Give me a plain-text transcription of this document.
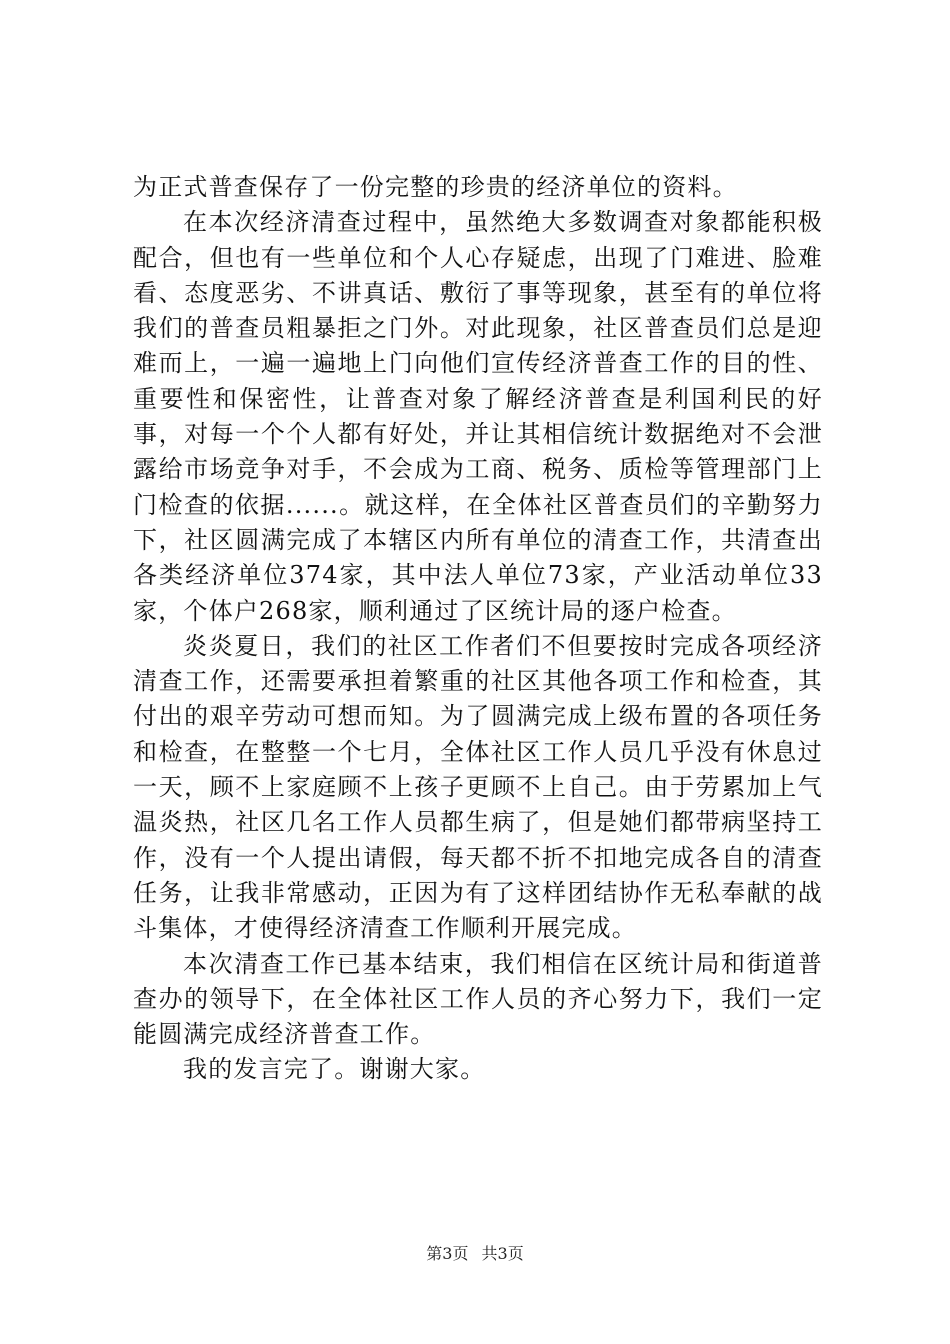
为正式普查保存了一份完整的珍贵的经济单位的资料。

在本次经济清查过程中，虽然绝大多数调查对象都能积极配合，但也有一些单位和个人心存疑虑，出现了门难进、脸难看、态度恶劣、不讲真话、敷衍了事等现象，甚至有的单位将我们的普查员粗暴拒之门外。对此现象，社区普查员们总是迎难而上，一遍一遍地上门向他们宣传经济普查工作的目的性、重要性和保密性，让普查对象了解经济普查是利国利民的好事，对每一个个人都有好处，并让其相信统计数据绝对不会泄露给市场竞争对手，不会成为工商、税务、质检等管理部门上门检查的依据......。就这样，在全体社区普查员们的辛勤努力下，社区圆满完成了本辖区内所有单位的清查工作，共清查出各类经济单位374家，其中法人单位73家，产业活动单位33家，个体户268家，顺利通过了区统计局的逐户检查。

炎炎夏日，我们的社区工作者们不但要按时完成各项经济清查工作，还需要承担着繁重的社区其他各项工作和检查，其付出的艰辛劳动可想而知。为了圆满完成上级布置的各项任务和检查，在整整一个七月，全体社区工作人员几乎没有休息过一天，顾不上家庭顾不上孩子更顾不上自己。由于劳累加上气温炎热，社区几名工作人员都生病了，但是她们都带病坚持工作，没有一个人提出请假，每天都不折不扣地完成各自的清查任务，让我非常感动，正因为有了这样团结协作无私奉献的战斗集体，才使得经济清查工作顺利开展完成。

本次清查工作已基本结束，我们相信在区统计局和街道普查办的领导下，在全体社区工作人员的齐心努力下，我们一定能圆满完成经济普查工作。

我的发言完了。谢谢大家。

第3页 共3页
